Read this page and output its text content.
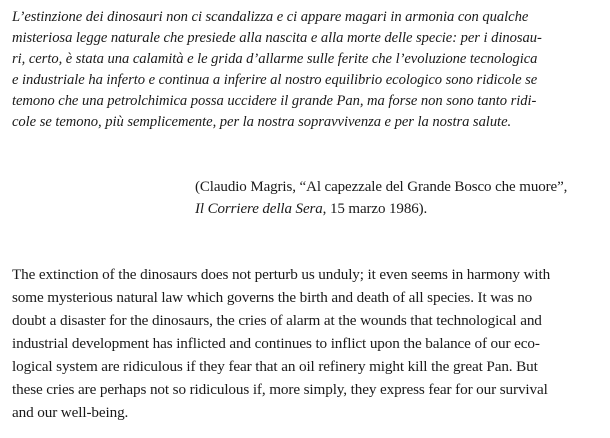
L’estinzione dei dinosauri non ci scandalizza e ci appare magari in armonia con qualche
misteriosa legge naturale che presiede alla nascita e alla morte delle specie: per i dinosau-
ri, certo, è stata una calamità e le grida d’allarme sulle ferite che l’evoluzione tecnologica
e industriale ha inferto e continua a inferire al nostro equilibrio ecologico sono ridicole se
temono che una petrolchimica possa uccidere il grande Pan, ma forse non sono tanto ridi-
cole se temono, più semplicemente, per la nostra sopravvivenza e per la nostra salute.
(Claudio Magris, “Al capezzale del Grande Bosco che muore”,
Il Corriere della Sera, 15 marzo 1986).
The extinction of the dinosaurs does not perturb us unduly; it even seems in harmony with
some mysterious natural law which governs the birth and death of all species. It was no
doubt a disaster for the dinosaurs, the cries of alarm at the wounds that technological and
industrial development has inflicted and continues to inflict upon the balance of our eco-
logical system are ridiculous if they fear that an oil refinery might kill the great Pan. But
these cries are perhaps not so ridiculous if, more simply, they express fear for our survival
and our well-being.
